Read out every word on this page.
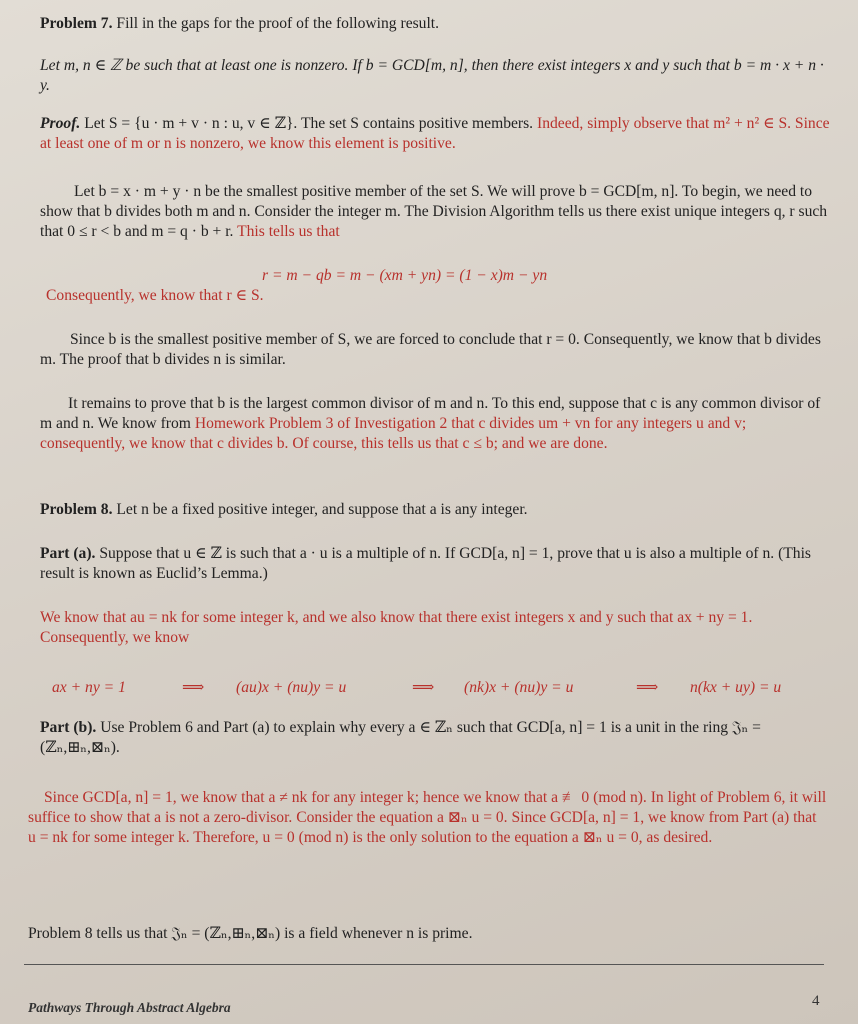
Problem 7. Fill in the gaps for the proof of the following result.
Let m, n ∈ ℤ be such that at least one is nonzero. If b = GCD[m, n], then there exist integers x and y such that b = m · x + n · y.
Proof. Let S = {u · m + v · n : u, v ∈ ℤ}. The set S contains positive members. Indeed, simply observe that m² + n² ∈ S. Since at least one of m or n is nonzero, we know this element is positive.
Let b = x · m + y · n be the smallest positive member of the set S. We will prove b = GCD[m, n]. To begin, we need to show that b divides both m and n. Consider the integer m. The Division Algorithm tells us there exist unique integers q, r such that 0 ≤ r < b and m = q · b + r. This tells us that
r = m − qb = m − (xm + yn) = (1 − x)m − yn
Consequently, we know that r ∈ S.
Since b is the smallest positive member of S, we are forced to conclude that r = 0. Consequently, we know that b divides m. The proof that b divides n is similar.
It remains to prove that b is the largest common divisor of m and n. To this end, suppose that c is any common divisor of m and n. We know from Homework Problem 3 of Investigation 2 that c divides um + vn for any integers u and v; consequently, we know that c divides b. Of course, this tells us that c ≤ b; and we are done.
Problem 8. Let n be a fixed positive integer, and suppose that a is any integer.
Part (a). Suppose that u ∈ ℤ is such that a · u is a multiple of n. If GCD[a, n] = 1, prove that u is also a multiple of n. (This result is known as Euclid’s Lemma.)
We know that au = nk for some integer k, and we also know that there exist integers x and y such that ax + ny = 1. Consequently, we know
ax + ny = 1	⟹ (au)x + (nu)y = u	⟹ (nk)x + (nu)y = u	⟹ n(kx + uy) = u
Part (b). Use Problem 6 and Part (a) to explain why every a ∈ ℤₙ such that GCD[a, n] = 1 is a unit in the ring 𝔍ₙ = (ℤₙ,⊞ₙ,⊠ₙ).
Since GCD[a, n] = 1, we know that a ≠ nk for any integer k; hence we know that a ≢ 0 (mod n). In light of Problem 6, it will suffice to show that a is not a zero-divisor. Consider the equation a ⊠ₙ u = 0. Since GCD[a, n] = 1, we know from Part (a) that u = nk for some integer k. Therefore, u = 0 (mod n) is the only solution to the equation a ⊠ₙ u = 0, as desired.
Problem 8 tells us that 𝔍ₙ = (ℤₙ,⊞ₙ,⊠ₙ) is a field whenever n is prime.
Pathways Through Abstract Algebra	4
